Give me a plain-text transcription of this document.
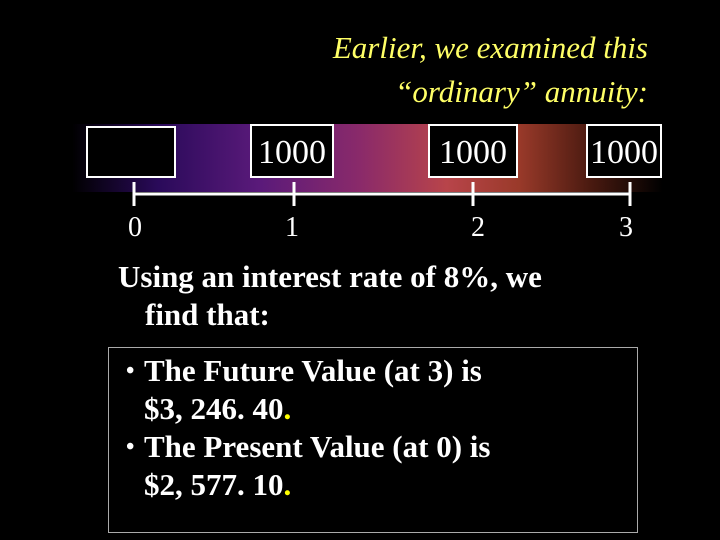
Earlier, we examined this
“ordinary” annuity:
1000	1000	1000
0	1	2	3
Using an interest rate of 8%, we
find that:
• The Future Value (at 3) is
$3, 246. 40.
• The Present Value (at 0) is
$2, 577. 10.
